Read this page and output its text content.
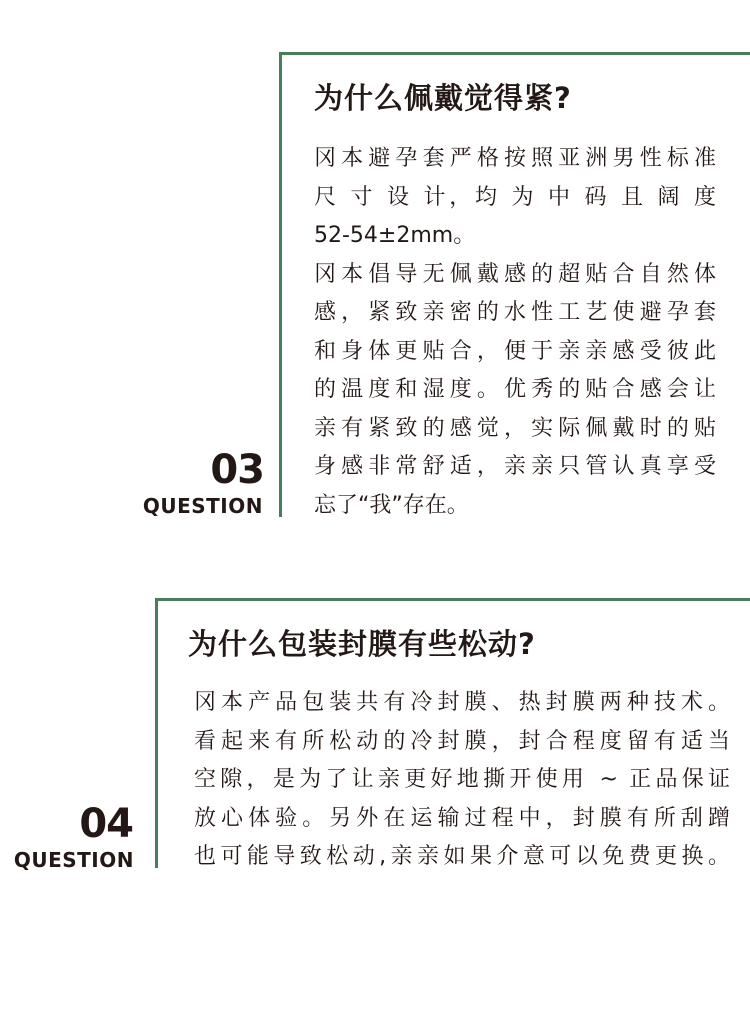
为什么佩戴觉得紧?
冈本避孕套严格按照亚洲男性标准
尺 寸 设 计，均 为 中 码 且 阔 度
52-54±2mm。
冈本倡导无佩戴感的超贴合自然体
感，紧致亲密的水性工艺使避孕套
和身体更贴合，便于亲亲感受彼此
的温度和湿度。优秀的贴合感会让
亲有紧致的感觉，实际佩戴时的贴
身感非常舒适，亲亲只管认真享受
忘了“我”存在。
03
QUESTION
为什么包装封膜有些松动?
冈本产品包装共有冷封膜、热封膜两种技术。
看起来有所松动的冷封膜，封合程度留有适当
空隙，是为了让亲更好地撕开使用 ~ 正品保证
放心体验。另外在运输过程中，封膜有所刮蹭
也可能导致松动,亲亲如果介意可以免费更换。
04
QUESTION
